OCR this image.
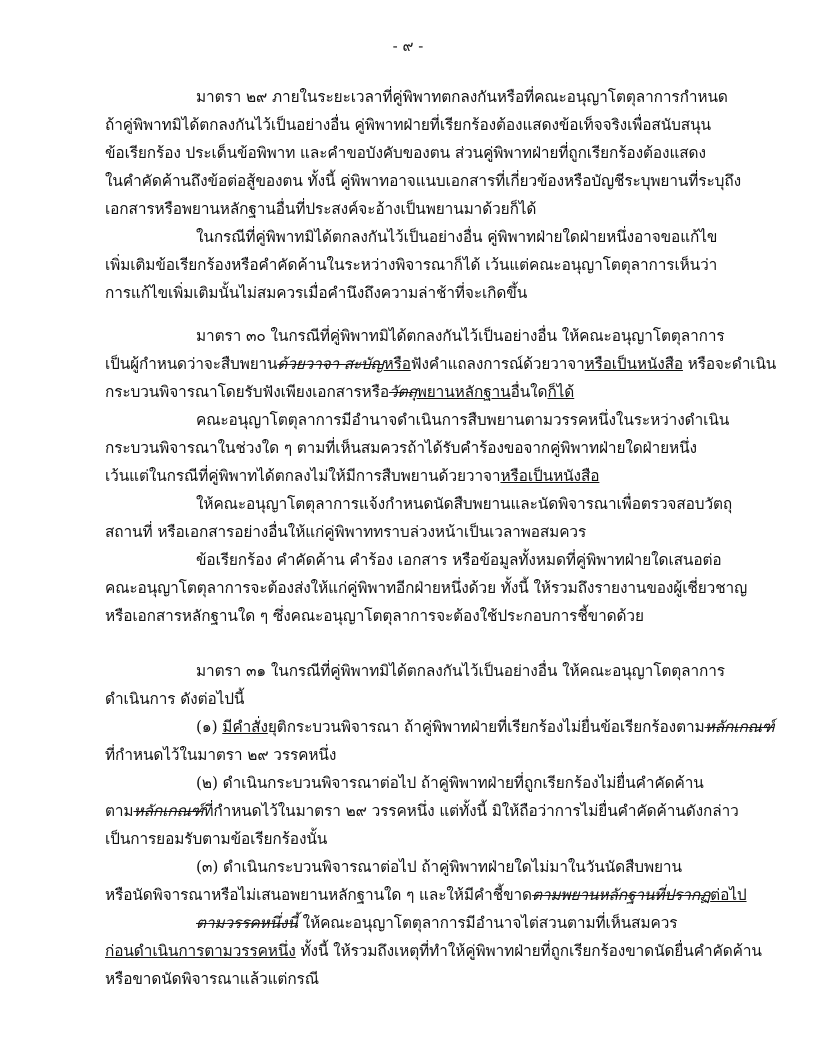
- ๙ -
มาตรา ๒๙ ภายในระยะเวลาที่คู่พิพาทตกลงกันหรือที่คณะอนุญาโตตุลาการกำหนด
ถ้าคู่พิพาทมิได้ตกลงกันไว้เป็นอย่างอื่น คู่พิพาทฝ่ายที่เรียกร้องต้องแสดงข้อเท็จจริงเพื่อสนับสนุน
ข้อเรียกร้อง ประเด็นข้อพิพาท และคำขอบังคับของตน ส่วนคู่พิพาทฝ่ายที่ถูกเรียกร้องต้องแสดง
ในคำคัดค้านถึงข้อต่อสู้ของตน ทั้งนี้ คู่พิพาทอาจแนบเอกสารที่เกี่ยวข้องหรือบัญชีระบุพยานที่ระบุถึง
เอกสารหรือพยานหลักฐานอื่นที่ประสงค์จะอ้างเป็นพยานมาด้วยก็ได้
ในกรณีที่คู่พิพาทมิได้ตกลงกันไว้เป็นอย่างอื่น คู่พิพาทฝ่ายใดฝ่ายหนึ่งอาจขอแก้ไข
เพิ่มเติมข้อเรียกร้องหรือคำคัดค้านในระหว่างพิจารณาก็ได้ เว้นแต่คณะอนุญาโตตุลาการเห็นว่า
การแก้ไขเพิ่มเติมนั้นไม่สมควรเมื่อคำนึงถึงความล่าช้าที่จะเกิดขึ้น
มาตรา ๓๐ ในกรณีที่คู่พิพาทมิได้ตกลงกันไว้เป็นอย่างอื่น ให้คณะอนุญาโตตุลาการ
เป็นผู้กำหนดว่าจะสืบพยานด้วยวาจา สะบัญหรือฟังคำแถลงการณ์ด้วยวาจาหรือเป็นหนังสือ หรือจะดำเนิน
กระบวนพิจารณาโดยรับฟังเพียงเอกสารหรือวัตถุพยานหลักฐานอื่นใดก็ได้
คณะอนุญาโตตุลาการมีอำนาจดำเนินการสืบพยานตามวรรคหนึ่งในระหว่างดำเนิน
กระบวนพิจารณาในช่วงใด ๆ ตามที่เห็นสมควรถ้าได้รับคำร้องขอจากคู่พิพาทฝ่ายใดฝ่ายหนึ่ง
เว้นแต่ในกรณีที่คู่พิพาทได้ตกลงไม่ให้มีการสืบพยานด้วยวาจาหรือเป็นหนังสือ
ให้คณะอนุญาโตตุลาการแจ้งกำหนดนัดสืบพยานและนัดพิจารณาเพื่อตรวจสอบวัตถุ
สถานที่ หรือเอกสารอย่างอื่นให้แก่คู่พิพาททราบล่วงหน้าเป็นเวลาพอสมควร
ข้อเรียกร้อง คำคัดค้าน คำร้อง เอกสาร หรือข้อมูลทั้งหมดที่คู่พิพาทฝ่ายใดเสนอต่อ
คณะอนุญาโตตุลาการจะต้องส่งให้แก่คู่พิพาทอีกฝ่ายหนึ่งด้วย ทั้งนี้ ให้รวมถึงรายงานของผู้เชี่ยวชาญ
หรือเอกสารหลักฐานใด ๆ ซึ่งคณะอนุญาโตตุลาการจะต้องใช้ประกอบการชี้ขาดด้วย
มาตรา ๓๑ ในกรณีที่คู่พิพาทมิได้ตกลงกันไว้เป็นอย่างอื่น ให้คณะอนุญาโตตุลาการ
ดำเนินการ ดังต่อไปนี้
(๑) มีคำสั่งยุติกระบวนพิจารณา ถ้าคู่พิพาทฝ่ายที่เรียกร้องไม่ยื่นข้อเรียกร้องตามหลักเกณฑ์
ที่กำหนดไว้ในมาตรา ๒๙ วรรคหนึ่ง
(๒) ดำเนินกระบวนพิจารณาต่อไป ถ้าคู่พิพาทฝ่ายที่ถูกเรียกร้องไม่ยื่นคำคัดค้าน
ตามหลักเกณฑ์ที่กำหนดไว้ในมาตรา ๒๙ วรรคหนึ่ง แต่ทั้งนี้ มิให้ถือว่าการไม่ยื่นคำคัดค้านดังกล่าว
เป็นการยอมรับตามข้อเรียกร้องนั้น
(๓) ดำเนินกระบวนพิจารณาต่อไป ถ้าคู่พิพาทฝ่ายใดไม่มาในวันนัดสืบพยาน
หรือนัดพิจารณาหรือไม่เสนอพยานหลักฐานใด ๆ และให้มีคำชี้ขาดตามพยานหลักฐานที่ปรากฏต่อไป
ตามวรรคหนึ่งนี้ ให้คณะอนุญาโตตุลาการมีอำนาจไต่สวนตามที่เห็นสมควร
ก่อนดำเนินการตามวรรคหนึ่ง ทั้งนี้ ให้รวมถึงเหตุที่ทำให้คู่พิพาทฝ่ายที่ถูกเรียกร้องขาดนัดยื่นคำคัดค้าน
หรือขาดนัดพิจารณาแล้วแต่กรณี
